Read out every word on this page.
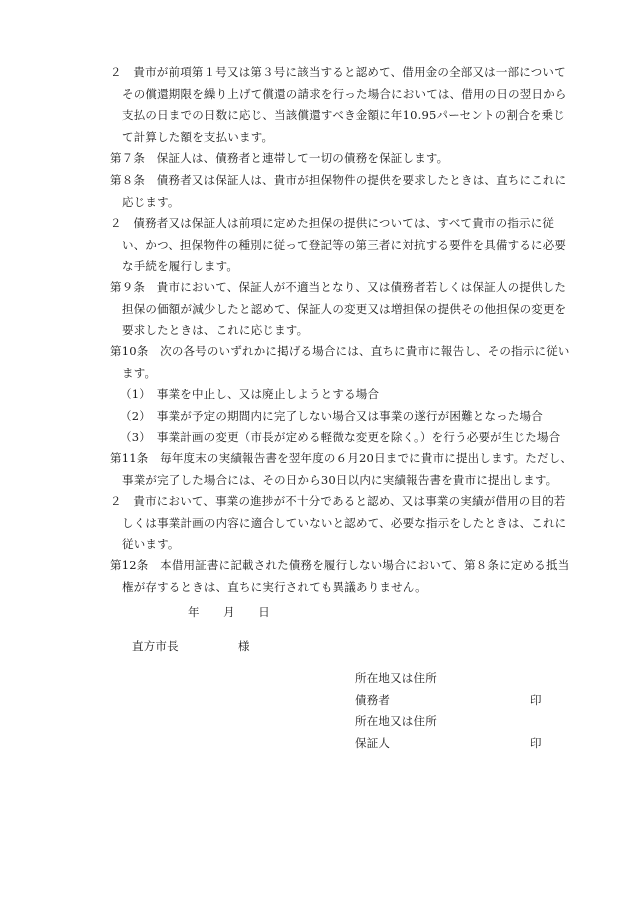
２　貴市が前項第１号又は第３号に該当すると認めて、借用金の全部又は一部について
その償還期限を繰り上げて償還の請求を行った場合においては、借用の日の翌日から
支払の日までの日数に応じ、当該償還すべき金額に年10.95パーセントの割合を乗じ
て計算した額を支払います。
第７条　保証人は、債務者と連帯して一切の債務を保証します。
第８条　債務者又は保証人は、貴市が担保物件の提供を要求したときは、直ちにこれに
応じます。
２　債務者又は保証人は前項に定めた担保の提供については、すべて貴市の指示に従
い、かつ、担保物件の種別に従って登記等の第三者に対抗する要件を具備するに必要
な手続を履行します。
第９条　貴市において、保証人が不適当となり、又は債務者若しくは保証人の提供した
担保の価額が減少したと認めて、保証人の変更又は増担保の提供その他担保の変更を
要求したときは、これに応じます。
第10条　次の各号のいずれかに掲げる場合には、直ちに貴市に報告し、その指示に従い
ます。
（1）　事業を中止し、又は廃止しようとする場合
（2）　事業が予定の期間内に完了しない場合又は事業の遂行が困難となった場合
（3）　事業計画の変更（市長が定める軽微な変更を除く。）を行う必要が生じた場合
第11条　毎年度末の実績報告書を翌年度の６月20日までに貴市に提出します。ただし、
事業が完了した場合には、その日から30日以内に実績報告書を貴市に提出します。
２　貴市において、事業の進捗が不十分であると認め、又は事業の実績が借用の目的若
しくは事業計画の内容に適合していないと認めて、必要な指示をしたときは、これに
従います。
第12条　本借用証書に記載された債務を履行しない場合において、第８条に定める抵当
権が存するときは、直ちに実行されても異議ありません。
年　　月　　日
直方市長	様
所在地又は住所
債務者	印
所在地又は住所
保証人	印
